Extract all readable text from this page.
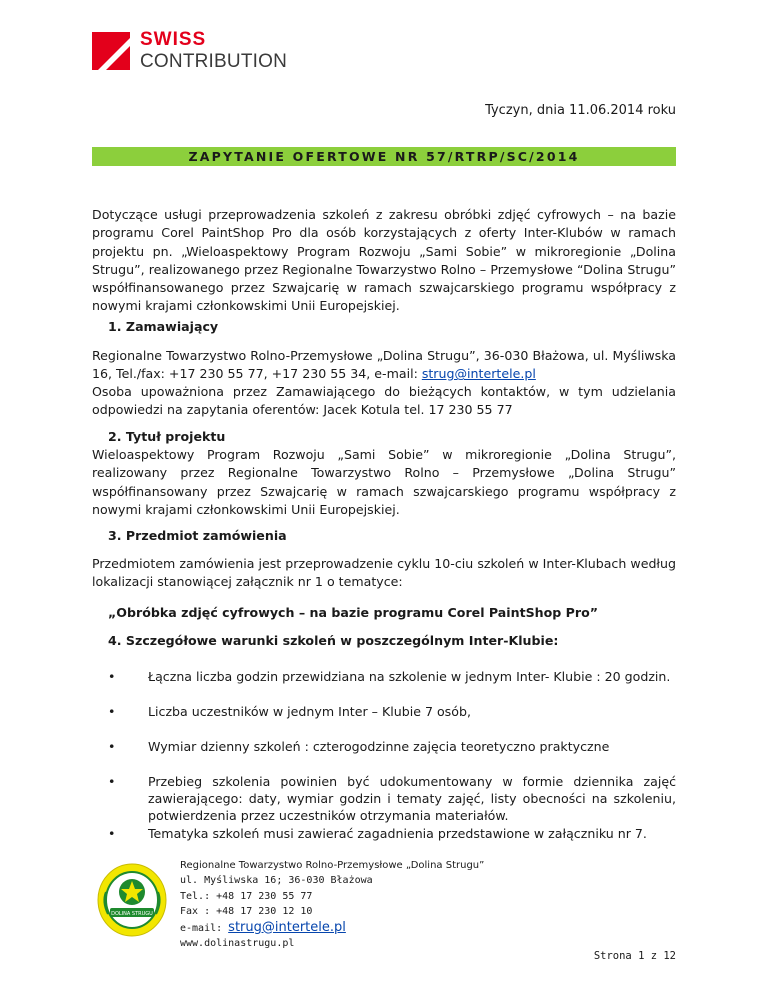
SWISS
CONTRIBUTION
Tyczyn, dnia 11.06.2014 roku
ZAPYTANIE OFERTOWE NR 57/RTRP/SC/2014
Dotyczące usługi przeprowadzenia szkoleń z zakresu obróbki zdjęć cyfrowych – na bazie programu Corel PaintShop Pro dla osób korzystających z oferty Inter-Klubów w ramach projektu pn. „Wieloaspektowy Program Rozwoju „Sami Sobie” w mikroregionie „Dolina Strugu”, realizowanego przez Regionalne Towarzystwo Rolno – Przemysłowe “Dolina Strugu” współfinansowanego przez Szwajcarię w ramach szwajcarskiego programu współpracy z nowymi krajami członkowskimi Unii Europejskiej.
1. Zamawiający
Regionalne Towarzystwo Rolno-Przemysłowe „Dolina Strugu”, 36-030 Błażowa, ul. Myśliwska 16, Tel./fax: +17 230 55 77, +17 230 55 34, e-mail: strug@intertele.pl
Osoba upoważniona przez Zamawiającego do bieżących kontaktów, w tym udzielania odpowiedzi na zapytania oferentów: Jacek Kotula tel. 17 230 55 77
2. Tytuł projektu
Wieloaspektowy Program Rozwoju „Sami Sobie” w mikroregionie „Dolina Strugu”, realizowany przez Regionalne Towarzystwo Rolno – Przemysłowe „Dolina Strugu” współfinansowany przez Szwajcarię w ramach szwajcarskiego programu współpracy z nowymi krajami członkowskimi Unii Europejskiej.
3. Przedmiot zamówienia
Przedmiotem zamówienia jest przeprowadzenie cyklu 10-ciu szkoleń w Inter-Klubach według lokalizacji stanowiącej załącznik nr 1 o tematyce:
„Obróbka zdjęć cyfrowych – na bazie programu Corel PaintShop Pro”
4. Szczegółowe warunki szkoleń w poszczególnym Inter-Klubie:
•	Łączna liczba godzin przewidziana na szkolenie w jednym Inter- Klubie : 20 godzin.
•	Liczba uczestników w jednym Inter – Klubie 7 osób,
•	Wymiar dzienny szkoleń : czterogodzinne zajęcia teoretyczno praktyczne
•	Przebieg szkolenia powinien być udokumentowany w formie dziennika zajęć zawierającego: daty, wymiar godzin i tematy zajęć, listy obecności na szkoleniu, potwierdzenia przez uczestników otrzymania materiałów.
•	Tematyka szkoleń musi zawierać zagadnienia przedstawione w załączniku nr 7.
DOLINA STRUGU
Regionalne Towarzystwo Rolno-Przemysłowe „Dolina Strugu”
ul. Myśliwska 16; 36-030 Błażowa
Tel.: +48 17 230 55 77
Fax : +48 17 230 12 10
e-mail: strug@intertele.pl
www.dolinastrugu.pl
Strona 1 z 12
